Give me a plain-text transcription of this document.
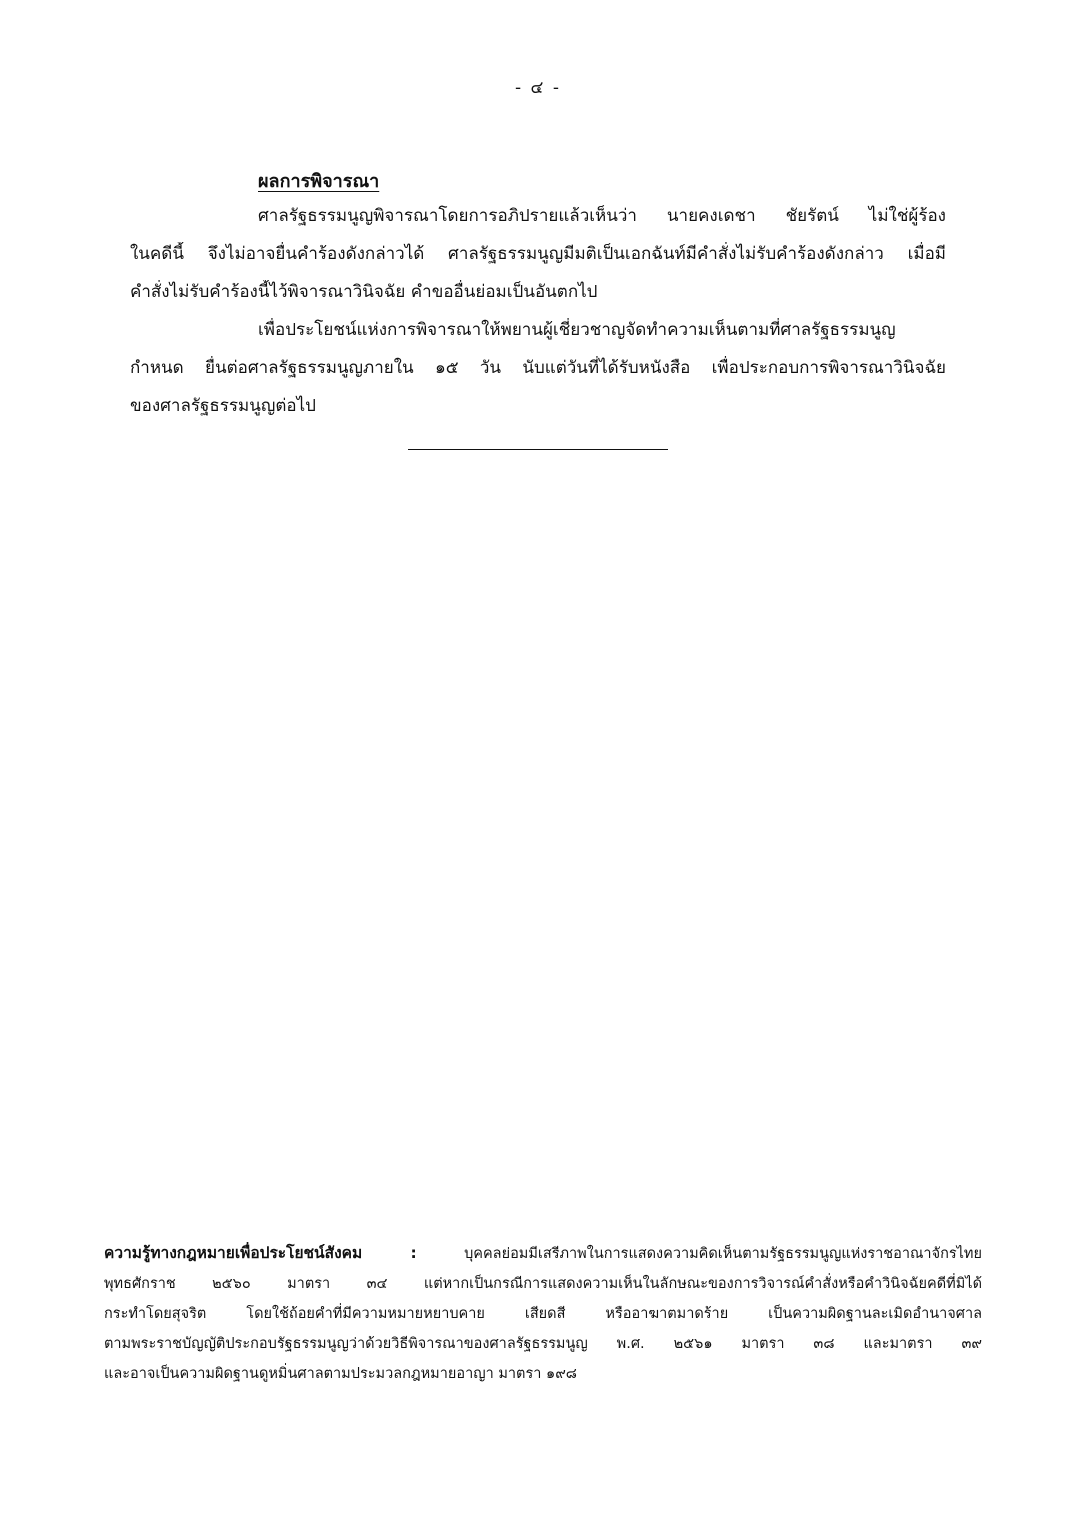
- ๔ -
ผลการพิจารณา
ศาลรัฐธรรมนูญพิจารณาโดยการอภิปรายแล้วเห็นว่า นายคงเดชา ชัยรัตน์ ไม่ใช่ผู้ร้อง
ในคดีนี้ จึงไม่อาจยื่นคำร้องดังกล่าวได้ ศาลรัฐธรรมนูญมีมติเป็นเอกฉันท์มีคำสั่งไม่รับคำร้องดังกล่าว เมื่อมี
คำสั่งไม่รับคำร้องนี้ไว้พิจารณาวินิจฉัย คำขออื่นย่อมเป็นอันตกไป
เพื่อประโยชน์แห่งการพิจารณาให้พยานผู้เชี่ยวชาญจัดทำความเห็นตามที่ศาลรัฐธรรมนูญ
กำหนด ยื่นต่อศาลรัฐธรรมนูญภายใน ๑๕ วัน นับแต่วันที่ได้รับหนังสือ เพื่อประกอบการพิจารณาวินิจฉัย
ของศาลรัฐธรรมนูญต่อไป
ความรู้ทางกฎหมายเพื่อประโยชน์สังคม :	บุคคลย่อมมีเสรีภาพในการแสดงความคิดเห็นตามรัฐธรรมนูญแห่งราชอาณาจักรไทย
พุทธศักราช ๒๕๖๐ มาตรา ๓๔ แต่หากเป็นกรณีการแสดงความเห็นในลักษณะของการวิจารณ์คำสั่งหรือคำวินิจฉัยคดีที่มิได้
กระทำโดยสุจริต โดยใช้ถ้อยคำที่มีความหมายหยาบคาย เสียดสี หรืออาฆาตมาดร้าย เป็นความผิดฐานละเมิดอำนาจศาล
ตามพระราชบัญญัติประกอบรัฐธรรมนูญว่าด้วยวิธีพิจารณาของศาลรัฐธรรมนูญ พ.ศ. ๒๕๖๑ มาตรา ๓๘ และมาตรา ๓๙
และอาจเป็นความผิดฐานดูหมิ่นศาลตามประมวลกฎหมายอาญา มาตรา ๑๙๘
